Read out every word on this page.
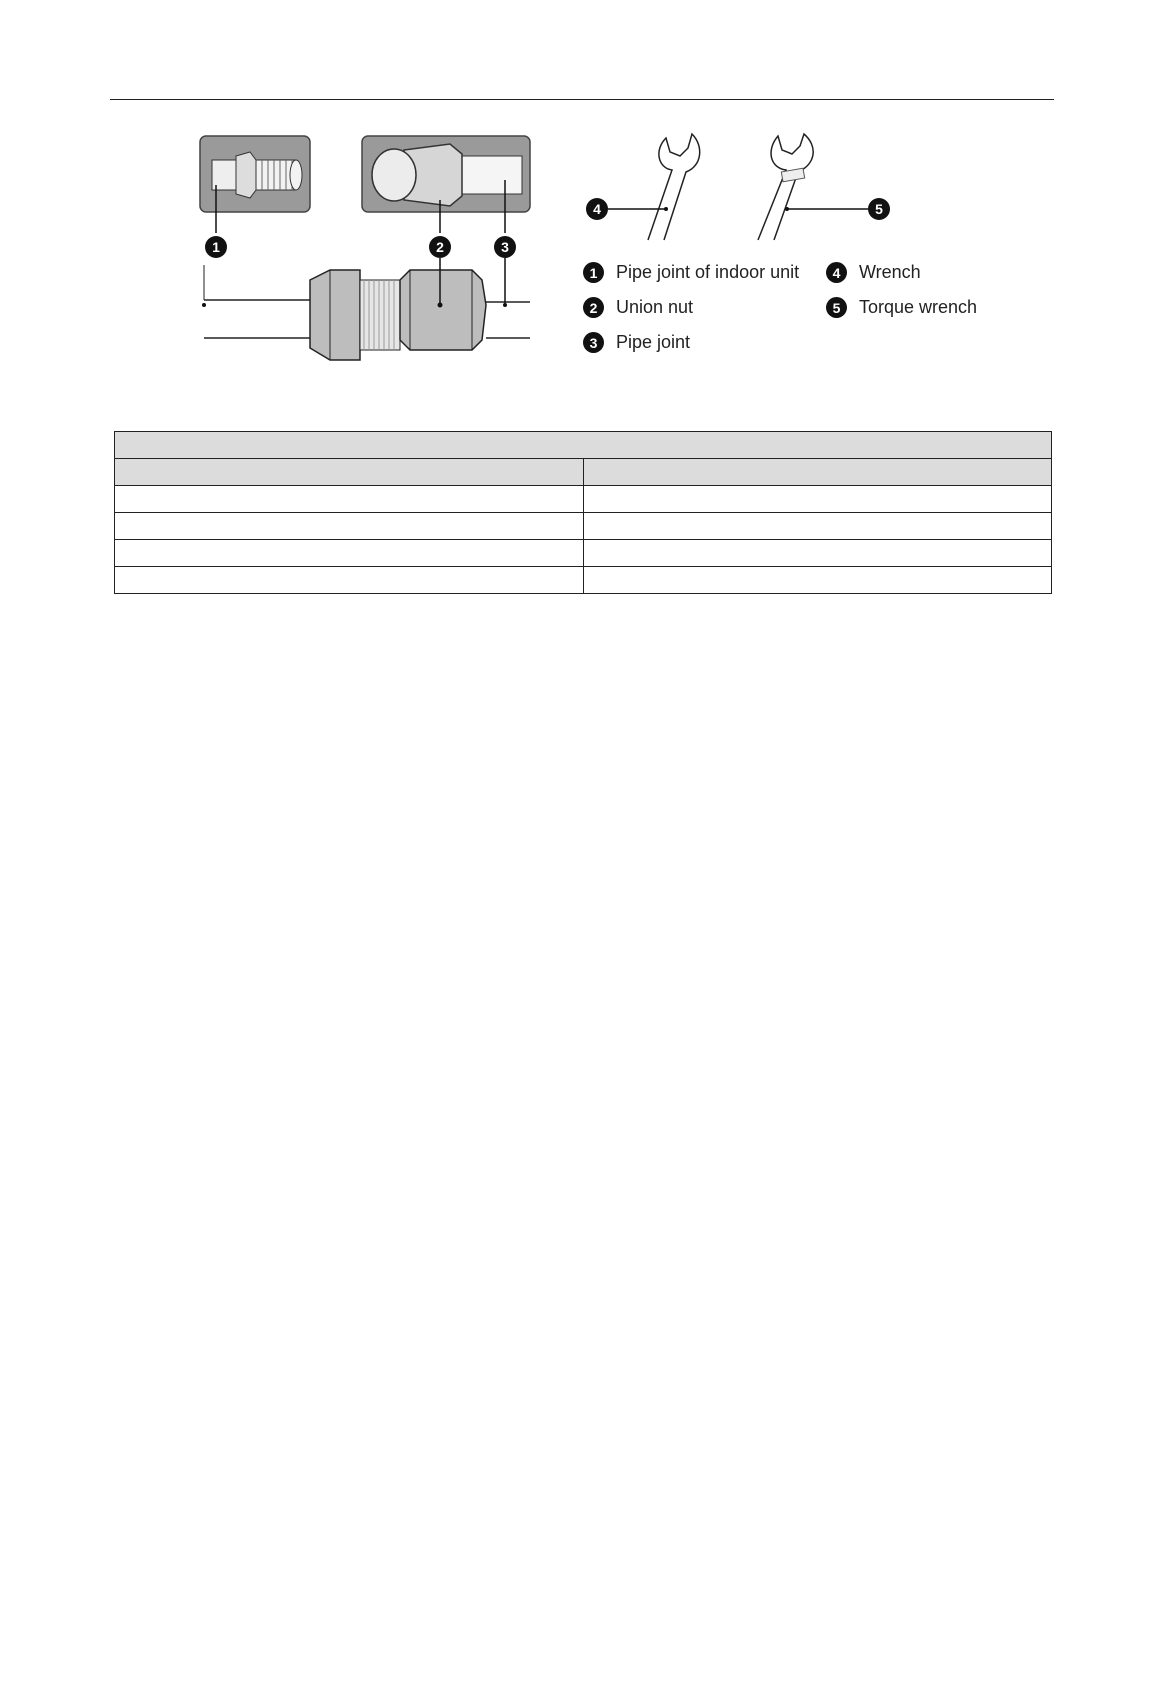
1	2	3
4	5
1	Pipe joint of indoor unit
2	Union nut
3	Pipe joint
4	Wrench
5	Torque wrench
